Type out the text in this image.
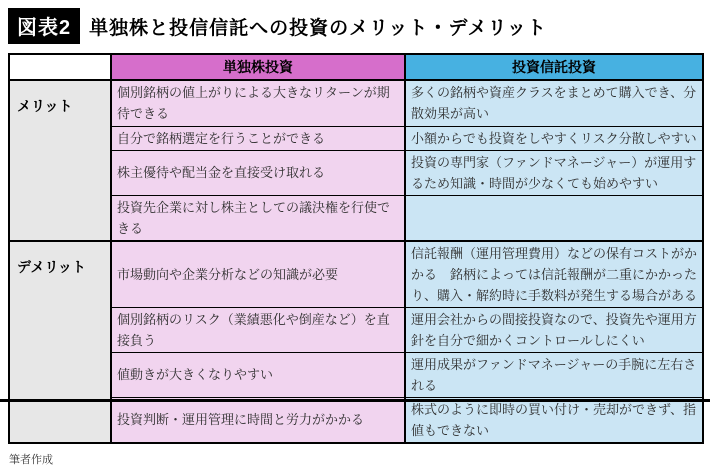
図表2 単独株と投信信託への投資のメリット・デメリット
	単独株投資	投資信託投資
メリット	個別銘柄の値上がりによる大きなリターンが期待できる	多くの銘柄や資産クラスをまとめて購入でき、分散効果が高い
	自分で銘柄選定を行うことができる	小額からでも投資をしやすくリスク分散しやすい
	株主優待や配当金を直接受け取れる	投資の専門家（ファンドマネージャー）が運用するため知識・時間が少なくても始めやすい
	投資先企業に対し株主としての議決権を行使できる	
デメリット	市場動向や企業分析などの知識が必要	信託報酬（運用管理費用）などの保有コストがかかる　銘柄によっては信託報酬が二重にかかったり、購入・解約時に手数料が発生する場合がある
	個別銘柄のリスク（業績悪化や倒産など）を直接負う	運用会社からの間接投資なので、投資先や運用方針を自分で細かくコントロールしにくい
	値動きが大きくなりやすい	運用成果がファンドマネージャーの手腕に左右される
	投資判断・運用管理に時間と労力がかかる	株式のように即時の買い付け・売却ができず、指値もできない
筆者作成
